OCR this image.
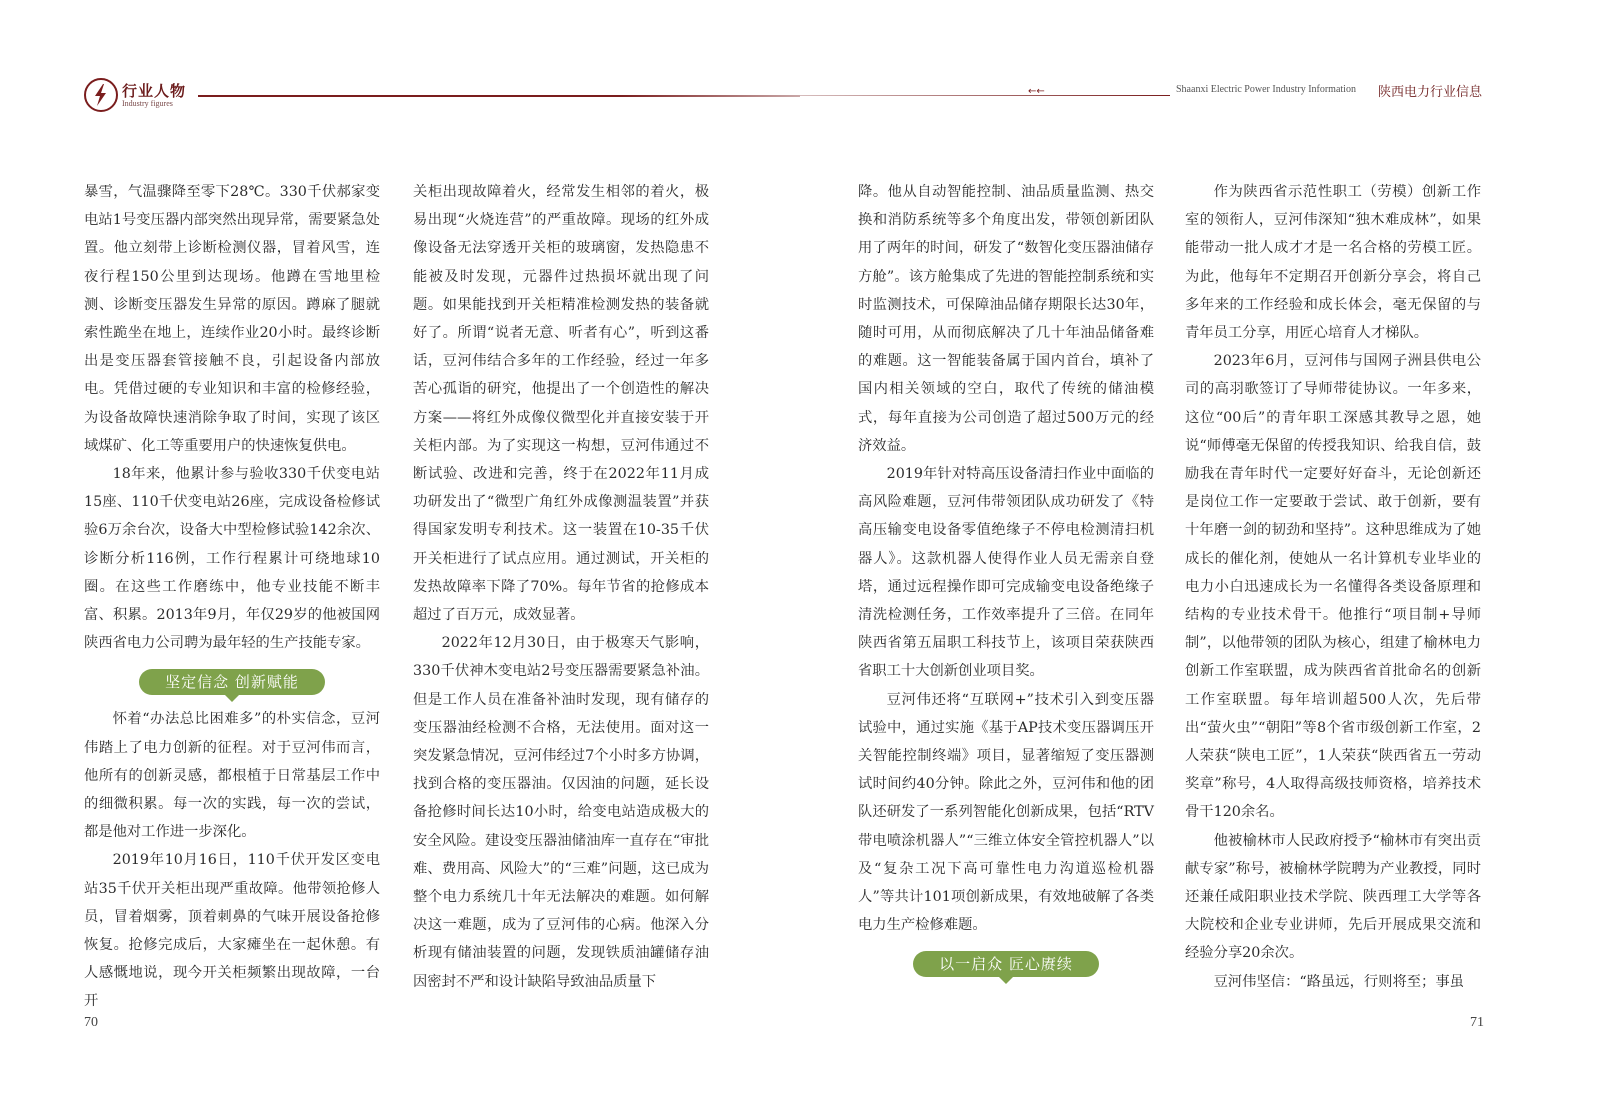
行业人物
Industry figures

暴雪，气温骤降至零下28℃。330千伏郝家变电站1号变压器内部突然出现异常，需要紧急处置。他立刻带上诊断检测仪器，冒着风雪，连夜行程150公里到达现场。他蹲在雪地里检测、诊断变压器发生异常的原因。蹲麻了腿就索性跪坐在地上，连续作业20小时。最终诊断出是变压器套管接触不良，引起设备内部放电。凭借过硬的专业知识和丰富的检修经验，为设备故障快速消除争取了时间，实现了该区域煤矿、化工等重要用户的快速恢复供电。

18年来，他累计参与验收330千伏变电站15座、110千伏变电站26座，完成设备检修试验6万余台次，设备大中型检修试验142余次、诊断分析116例，工作行程累计可绕地球10圈。在这些工作磨练中，他专业技能不断丰富、积累。2013年9月，年仅29岁的他被国网陕西省电力公司聘为最年轻的生产技能专家。

坚定信念 创新赋能

怀着“办法总比困难多”的朴实信念，豆河伟踏上了电力创新的征程。对于豆河伟而言，他所有的创新灵感，都根植于日常基层工作中的细微积累。每一次的实践，每一次的尝试，都是他对工作进一步深化。

2019年10月16日，110千伏开发区变电站35千伏开关柜出现严重故障。他带领抢修人员，冒着烟雾，顶着刺鼻的气味开展设备抢修恢复。抢修完成后，大家瘫坐在一起休憩。有人感慨地说，现今开关柜频繁出现故障，一台开

关柜出现故障着火，经常发生相邻的着火，极易出现“火烧连营”的严重故障。现场的红外成像设备无法穿透开关柜的玻璃窗，发热隐患不能被及时发现，元器件过热损坏就出现了问题。如果能找到开关柜精准检测发热的装备就好了。所谓“说者无意、听者有心”，听到这番话，豆河伟结合多年的工作经验，经过一年多苦心孤诣的研究，他提出了一个创造性的解决方案——将红外成像仪微型化并直接安装于开关柜内部。为了实现这一构想，豆河伟通过不断试验、改进和完善，终于在2022年11月成功研发出了“微型广角红外成像测温装置”并获得国家发明专利技术。这一装置在10-35千伏开关柜进行了试点应用。通过测试，开关柜的发热故障率下降了70%。每年节省的抢修成本超过了百万元，成效显著。

2022年12月30日，由于极寒天气影响，330千伏神木变电站2号变压器需要紧急补油。但是工作人员在准备补油时发现，现有储存的变压器油经检测不合格，无法使用。面对这一突发紧急情况，豆河伟经过7个小时多方协调，找到合格的变压器油。仅因油的问题，延长设备抢修时间长达10小时，给变电站造成极大的安全风险。建设变压器油储油库一直存在“审批难、费用高、风险大”的“三难”问题，这已成为整个电力系统几十年无法解决的难题。如何解决这一难题，成为了豆河伟的心病。他深入分析现有储油装置的问题，发现铁质油罐储存油因密封不严和设计缺陷导致油品质量下

70
←←	Shaanxi Electric Power Industry Information 陕西电力行业信息

降。他从自动智能控制、油品质量监测、热交换和消防系统等多个角度出发，带领创新团队用了两年的时间，研发了“数智化变压器油储存方舱”。该方舱集成了先进的智能控制系统和实时监测技术，可保障油品储存期限长达30年，随时可用，从而彻底解决了几十年油品储备难的难题。这一智能装备属于国内首台，填补了国内相关领域的空白，取代了传统的储油模式，每年直接为公司创造了超过500万元的经济效益。

2019年针对特高压设备清扫作业中面临的高风险难题，豆河伟带领团队成功研发了《特高压输变电设备零值绝缘子不停电检测清扫机器人》。这款机器人使得作业人员无需亲自登塔，通过远程操作即可完成输变电设备绝缘子清洗检测任务，工作效率提升了三倍。在同年陕西省第五届职工科技节上，该项目荣获陕西省职工十大创新创业项目奖。

豆河伟还将“互联网+”技术引入到变压器试验中，通过实施《基于AP技术变压器调压开关智能控制终端》项目，显著缩短了变压器测试时间约40分钟。除此之外，豆河伟和他的团队还研发了一系列智能化创新成果，包括“RTV带电喷涂机器人”“三维立体安全管控机器人”以及“复杂工况下高可靠性电力沟道巡检机器人”等共计101项创新成果，有效地破解了各类电力生产检修难题。

以一启众 匠心赓续

作为陕西省示范性职工（劳模）创新工作室的领衔人，豆河伟深知“独木难成林”，如果能带动一批人成才才是一名合格的劳模工匠。为此，他每年不定期召开创新分享会，将自己多年来的工作经验和成长体会，毫无保留的与青年员工分享，用匠心培育人才梯队。

2023年6月，豆河伟与国网子洲县供电公司的高羽歌签订了导师带徒协议。一年多来，这位“00后”的青年职工深感其教导之恩，她说“师傅毫无保留的传授我知识、给我自信，鼓励我在青年时代一定要好好奋斗，无论创新还是岗位工作一定要敢于尝试、敢于创新，要有十年磨一剑的韧劲和坚持”。这种思维成为了她成长的催化剂，使她从一名计算机专业毕业的电力小白迅速成长为一名懂得各类设备原理和结构的专业技术骨干。他推行“项目制+导师制”，以他带领的团队为核心，组建了榆林电力创新工作室联盟，成为陕西省首批命名的创新工作室联盟。每年培训超500人次，先后带出“萤火虫”“朝阳”等8个省市级创新工作室，2人荣获“陕电工匠”，1人荣获“陕西省五一劳动奖章”称号，4人取得高级技师资格，培养技术骨干120余名。

他被榆林市人民政府授予“榆林市有突出贡献专家”称号，被榆林学院聘为产业教授，同时还兼任咸阳职业技术学院、陕西理工大学等各大院校和企业专业讲师，先后开展成果交流和经验分享20余次。

豆河伟坚信：“路虽远，行则将至；事虽

71
